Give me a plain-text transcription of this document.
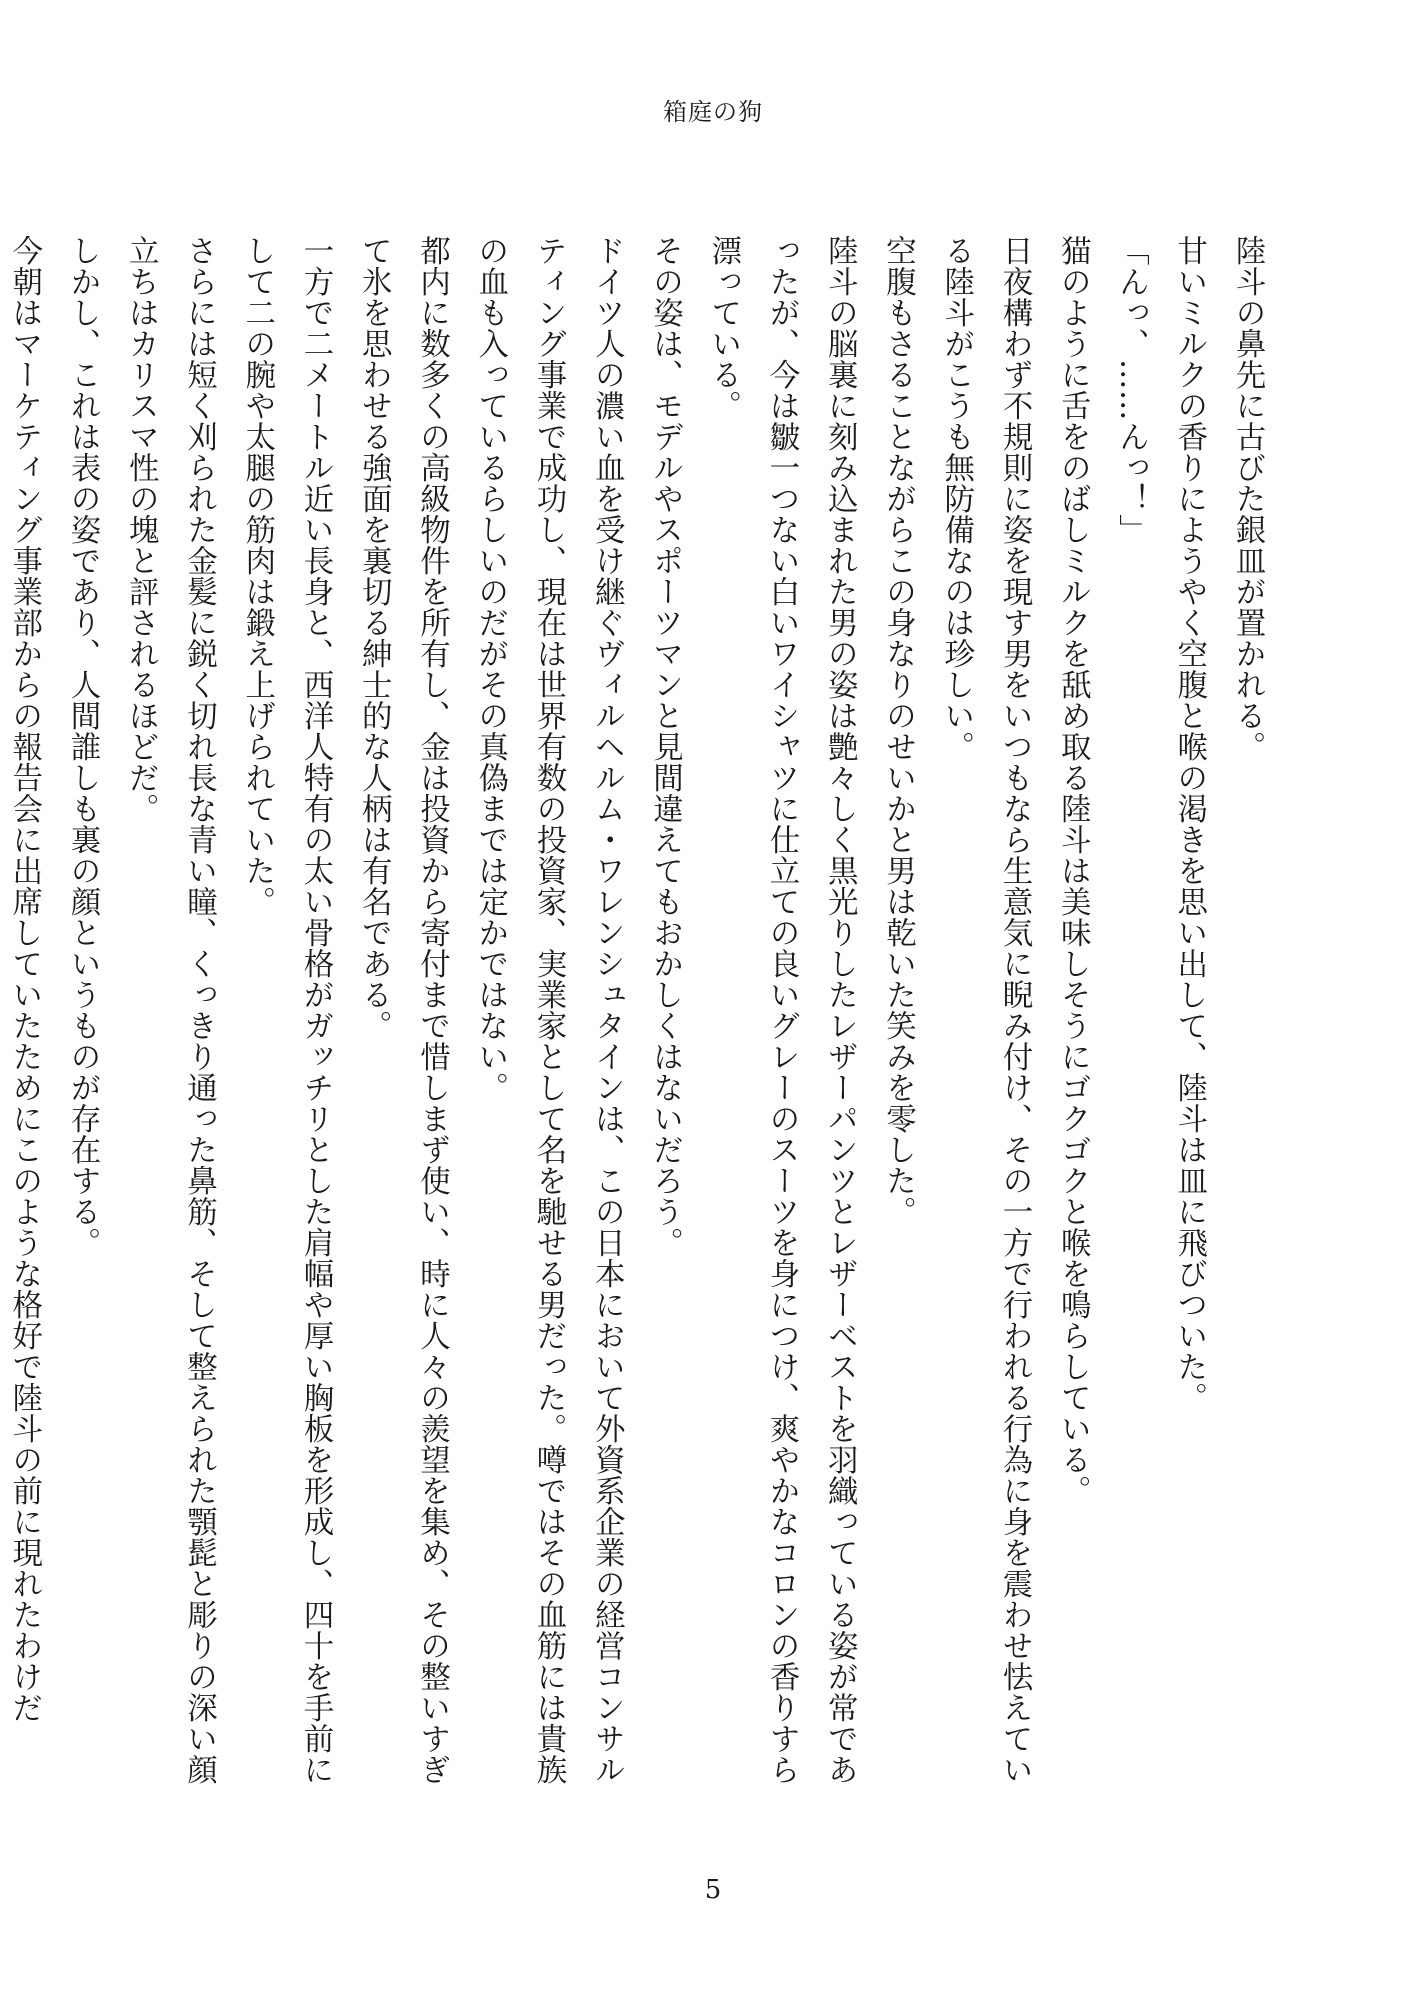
箱庭の狗

陸斗の鼻先に古びた銀皿が置かれる。

甘いミルクの香りにようやく空腹と喉の渇きを思い出して、陸斗は皿に飛びついた。

「んっ、……んっ！」

猫のように舌をのばしミルクを舐め取る陸斗は美味しそうにゴクゴクと喉を鳴らしている。

日夜構わず不規則に姿を現す男をいつもなら生意気に睨み付け、その一方で行われる行為に身を震わせ怯えている陸斗がこうも無防備なのは珍しい。

空腹もさることながらこの身なりのせいかと男は乾いた笑みを零した。

陸斗の脳裏に刻み込まれた男の姿は艶々しく黒光りしたレザーパンツとレザーベストを羽織っている姿が常であったが、今は皺一つない白いワイシャツに仕立ての良いグレーのスーツを身につけ、爽やかなコロンの香りすら漂っている。

その姿は、モデルやスポーツマンと見間違えてもおかしくはないだろう。

ドイツ人の濃い血を受け継ぐヴィルヘルム・ワレンシュタインは、この日本において外資系企業の経営コンサルティング事業で成功し、現在は世界有数の投資家、実業家として名を馳せる男だった。噂ではその血筋には貴族の血も入っているらしいのだがその真偽までは定かではない。

都内に数多くの高級物件を所有し、金は投資から寄付まで惜しまず使い、時に人々の羨望を集め、その整いすぎて氷を思わせる強面を裏切る紳士的な人柄は有名である。

一方で二メートル近い長身と、西洋人特有の太い骨格がガッチリとした肩幅や厚い胸板を形成し、四十を手前にして二の腕や太腿の筋肉は鍛え上げられていた。

さらには短く刈られた金髪に鋭く切れ長な青い瞳、くっきり通った鼻筋、そして整えられた顎髭と彫りの深い顔立ちはカリスマ性の塊と評されるほどだ。

しかし、これは表の姿であり、人間誰しも裏の顔というものが存在する。

今朝はマーケティング事業部からの報告会に出席していたためにこのような格好で陸斗の前に現れたわけだ

5
